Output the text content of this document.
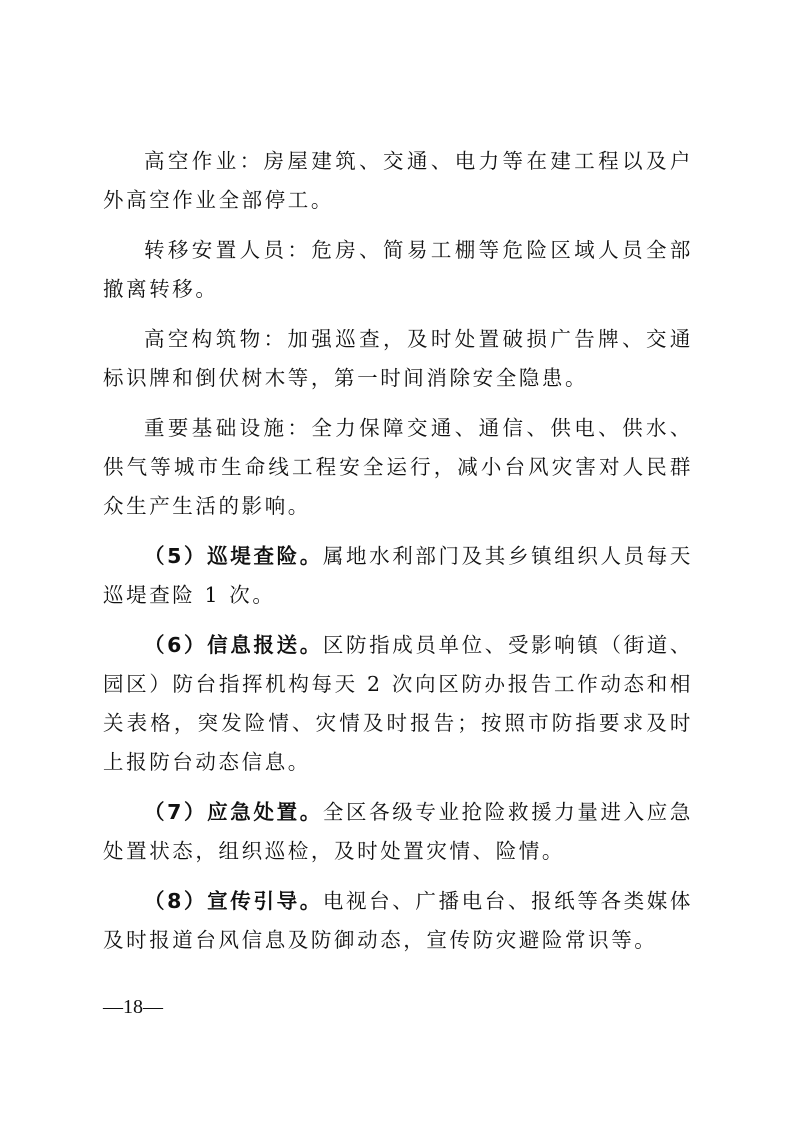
高空作业：房屋建筑、交通、电力等在建工程以及户外高空作业全部停工。

转移安置人员：危房、简易工棚等危险区域人员全部撤离转移。

高空构筑物：加强巡查，及时处置破损广告牌、交通标识牌和倒伏树木等，第一时间消除安全隐患。

重要基础设施：全力保障交通、通信、供电、供水、供气等城市生命线工程安全运行，减小台风灾害对人民群众生产生活的影响。

（5）巡堤查险。属地水利部门及其乡镇组织人员每天巡堤查险 1 次。

（6）信息报送。区防指成员单位、受影响镇（街道、园区）防台指挥机构每天 2 次向区防办报告工作动态和相关表格，突发险情、灾情及时报告；按照市防指要求及时上报防台动态信息。

（7）应急处置。全区各级专业抢险救援力量进入应急处置状态，组织巡检，及时处置灾情、险情。

（8）宣传引导。电视台、广播电台、报纸等各类媒体及时报道台风信息及防御动态，宣传防灾避险常识等。

—18—
